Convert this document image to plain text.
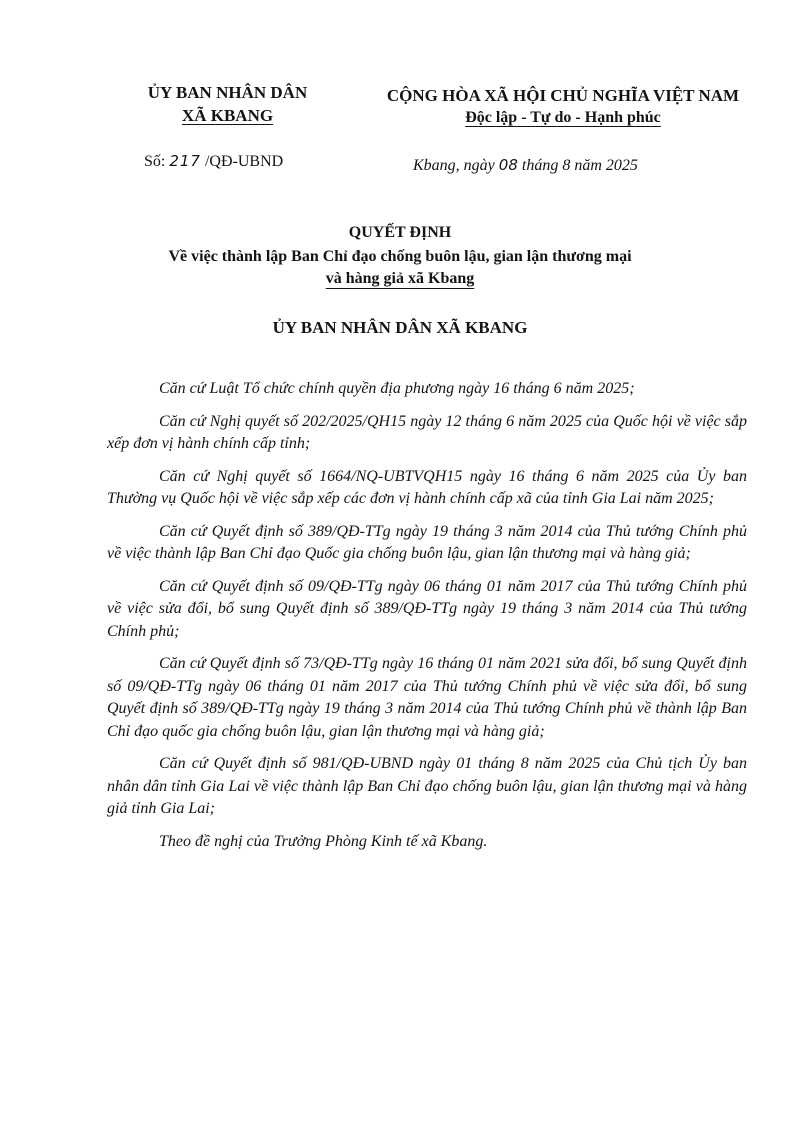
ỦY BAN NHÂN DÂN
XÃ KBANG
CỘNG HÒA XÃ HỘI CHỦ NGHĨA VIỆT NAM
Độc lập - Tự do - Hạnh phúc
Số: 217 /QĐ-UBND	Kbang, ngày 08 tháng 8 năm 2025
QUYẾT ĐỊNH
Về việc thành lập Ban Chỉ đạo chống buôn lậu, gian lận thương mại
và hàng giả xã Kbang
ỦY BAN NHÂN DÂN XÃ KBANG

Căn cứ Luật Tổ chức chính quyền địa phương ngày 16 tháng 6 năm 2025;

Căn cứ Nghị quyết số 202/2025/QH15 ngày 12 tháng 6 năm 2025 của Quốc hội về việc sắp xếp đơn vị hành chính cấp tỉnh;

Căn cứ Nghị quyết số 1664/NQ-UBTVQH15 ngày 16 tháng 6 năm 2025 của Ủy ban Thường vụ Quốc hội về việc sắp xếp các đơn vị hành chính cấp xã của tỉnh Gia Lai năm 2025;

Căn cứ Quyết định số 389/QĐ-TTg ngày 19 tháng 3 năm 2014 của Thủ tướng Chính phủ về việc thành lập Ban Chỉ đạo Quốc gia chống buôn lậu, gian lận thương mại và hàng giả;

Căn cứ Quyết định số 09/QĐ-TTg ngày 06 tháng 01 năm 2017 của Thủ tướng Chính phủ về việc sửa đổi, bổ sung Quyết định số 389/QĐ-TTg ngày 19 tháng 3 năm 2014 của Thủ tướng Chính phủ;

Căn cứ Quyết định số 73/QĐ-TTg ngày 16 tháng 01 năm 2021 sửa đổi, bổ sung Quyết định số 09/QĐ-TTg ngày 06 tháng 01 năm 2017 của Thủ tướng Chính phủ về việc sửa đổi, bổ sung Quyết định số 389/QĐ-TTg ngày 19 tháng 3 năm 2014 của Thủ tướng Chính phủ về thành lập Ban Chỉ đạo quốc gia chống buôn lậu, gian lận thương mại và hàng giả;

Căn cứ Quyết định số 981/QĐ-UBND ngày 01 tháng 8 năm 2025 của Chủ tịch Ủy ban nhân dân tỉnh Gia Lai về việc thành lập Ban Chỉ đạo chống buôn lậu, gian lận thương mại và hàng giả tỉnh Gia Lai;

Theo đề nghị của Trưởng Phòng Kinh tế xã Kbang.
